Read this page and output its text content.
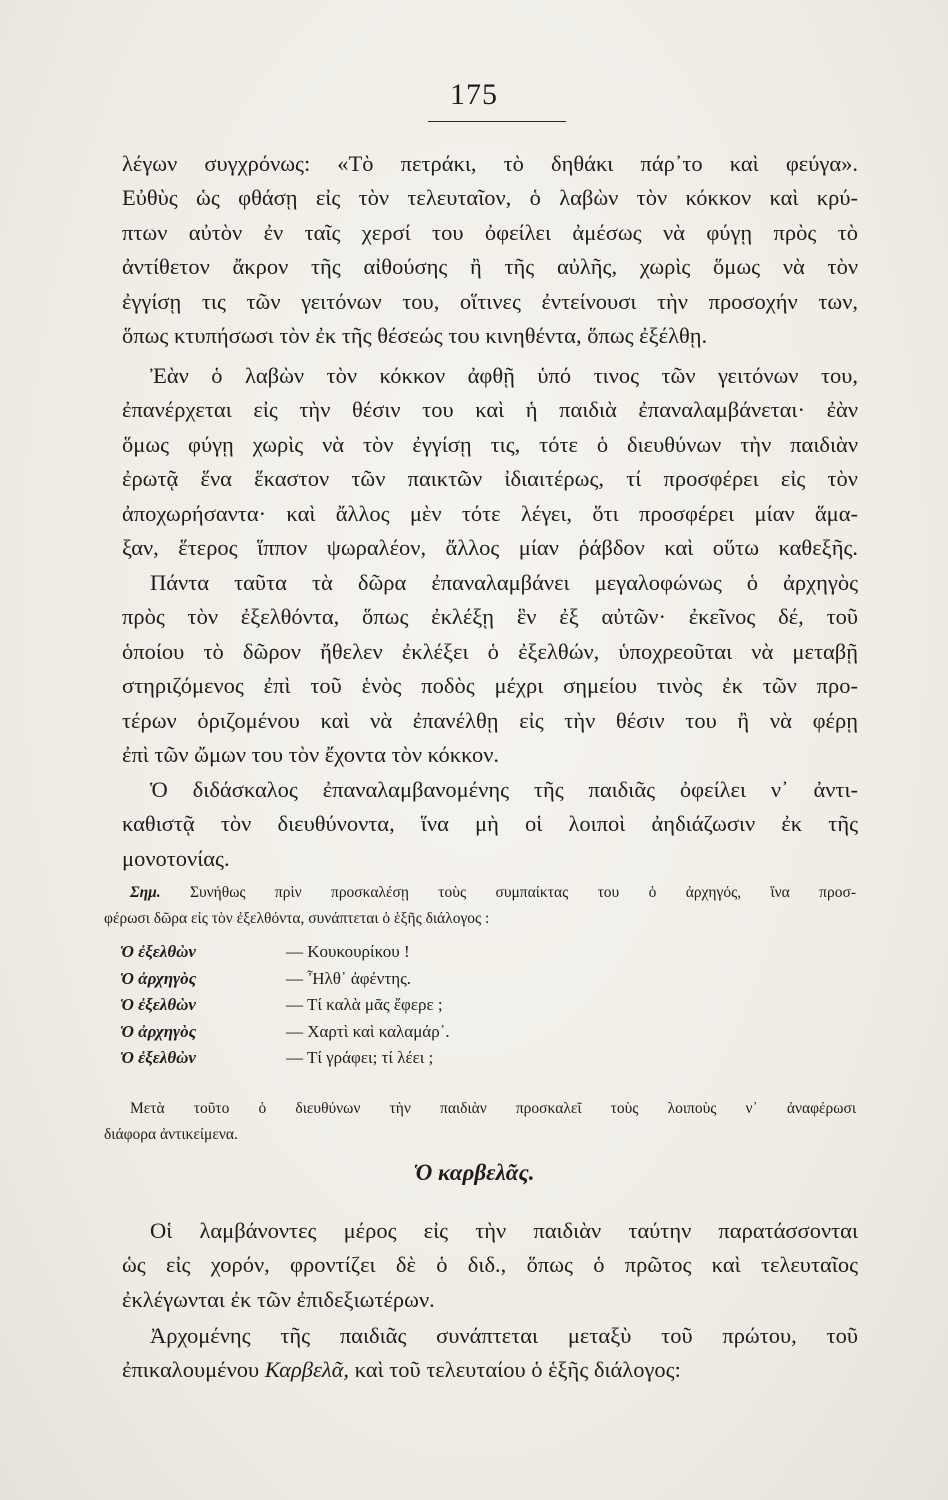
175
λέγων συγχρόνως: «Τὸ πετράκι, τὸ δηθάκι πάρ᾽το καὶ φεύγα».
Εὐθὺς ὡς φθάσῃ εἰς τὸν τελευταῖον, ὁ λαβὼν τὸν κόκκον καὶ κρύ-
πτων αὐτὸν ἐν ταῖς χερσί του ὀφείλει ἀμέσως νὰ φύγῃ πρὸς τὸ
ἀντίθετον ἄκρον τῆς αἰθούσης ἢ τῆς αὐλῆς, χωρὶς ὅμως νὰ τὸν
ἐγγίσῃ τις τῶν γειτόνων του, οἵτινες ἐντείνουσι τὴν προσοχήν των,
ὅπως κτυπήσωσι τὸν ἐκ τῆς θέσεώς του κινηθέντα, ὅπως ἐξέλθῃ.
Ἐὰν ὁ λαβὼν τὸν κόκκον ἀφθῇ ὑπό τινος τῶν γειτόνων του,
ἐπανέρχεται εἰς τὴν θέσιν του καὶ ἡ παιδιὰ ἐπαναλαμβάνεται· ἐὰν
ὅμως φύγῃ χωρὶς νὰ τὸν ἐγγίσῃ τις, τότε ὁ διευθύνων τὴν παιδιὰν
ἐρωτᾷ ἕνα ἕκαστον τῶν παικτῶν ἰδιαιτέρως, τί προσφέρει εἰς τὸν
ἀποχωρήσαντα· καὶ ἄλλος μὲν τότε λέγει, ὅτι προσφέρει μίαν ἅμα-
ξαν, ἕτερος ἵππον ψωραλέον, ἄλλος μίαν ῥάβδον καὶ οὕτω καθεξῆς.
Πάντα ταῦτα τὰ δῶρα ἐπαναλαμβάνει μεγαλοφώνως ὁ ἀρχηγὸς
πρὸς τὸν ἐξελθόντα, ὅπως ἐκλέξῃ ἓν ἐξ αὐτῶν· ἐκεῖνος δέ, τοῦ
ὁποίου τὸ δῶρον ἤθελεν ἐκλέξει ὁ ἐξελθών, ὑποχρεοῦται νὰ μεταβῇ
στηριζόμενος ἐπὶ τοῦ ἑνὸς ποδὸς μέχρι σημείου τινὸς ἐκ τῶν προ-
τέρων ὁριζομένου καὶ νὰ ἐπανέλθῃ εἰς τὴν θέσιν του ἢ νὰ φέρῃ
ἐπὶ τῶν ὤμων του τὸν ἔχοντα τὸν κόκκον.
Ὁ διδάσκαλος ἐπαναλαμβανομένης τῆς παιδιᾶς ὀφείλει ν᾽ ἀντι-
καθιστᾷ τὸν διευθύνοντα, ἵνα μὴ οἱ λοιποὶ ἀηδιάζωσιν ἐκ τῆς
μονοτονίας.
Σημ. Συνήθως πρὶν προσκαλέσῃ τοὺς συμπαίκτας του ὁ ἀρχηγός, ἵνα προσ-
φέρωσι δῶρα εἰς τὸν ἐξελθόντα, συνάπτεται ὁ ἑξῆς διάλογος :
Ὁ ἐξελθὼν	— Κουκουρίκου !
Ὁ ἀρχηγὸς	— Ἦλθ᾽ ἀφέντης.
Ὁ ἐξελθὼν	— Τί καλὰ μᾶς ἔφερε ;
Ὁ ἀρχηγὸς	— Χαρτὶ καὶ καλαμάρ᾽.
Ὁ ἐξελθὼν	— Τί γράφει; τί λέει ;
Μετὰ τοῦτο ὁ διευθύνων τὴν παιδιὰν προσκαλεῖ τοὺς λοιποὺς ν᾽ ἀναφέρωσι
διάφορα ἀντικείμενα.
Ὁ καρβελᾶς.
Οἱ λαμβάνοντες μέρος εἰς τὴν παιδιὰν ταύτην παρατάσσονται
ὡς εἰς χορόν, φροντίζει δὲ ὁ διδ., ὅπως ὁ πρῶτος καὶ τελευταῖος
ἐκλέγωνται ἐκ τῶν ἐπιδεξιωτέρων.
Ἀρχομένης τῆς παιδιᾶς συνάπτεται μεταξὺ τοῦ πρώτου, τοῦ
ἐπικαλουμένου Καρβελᾶ, καὶ τοῦ τελευταίου ὁ ἑξῆς διάλογος:
